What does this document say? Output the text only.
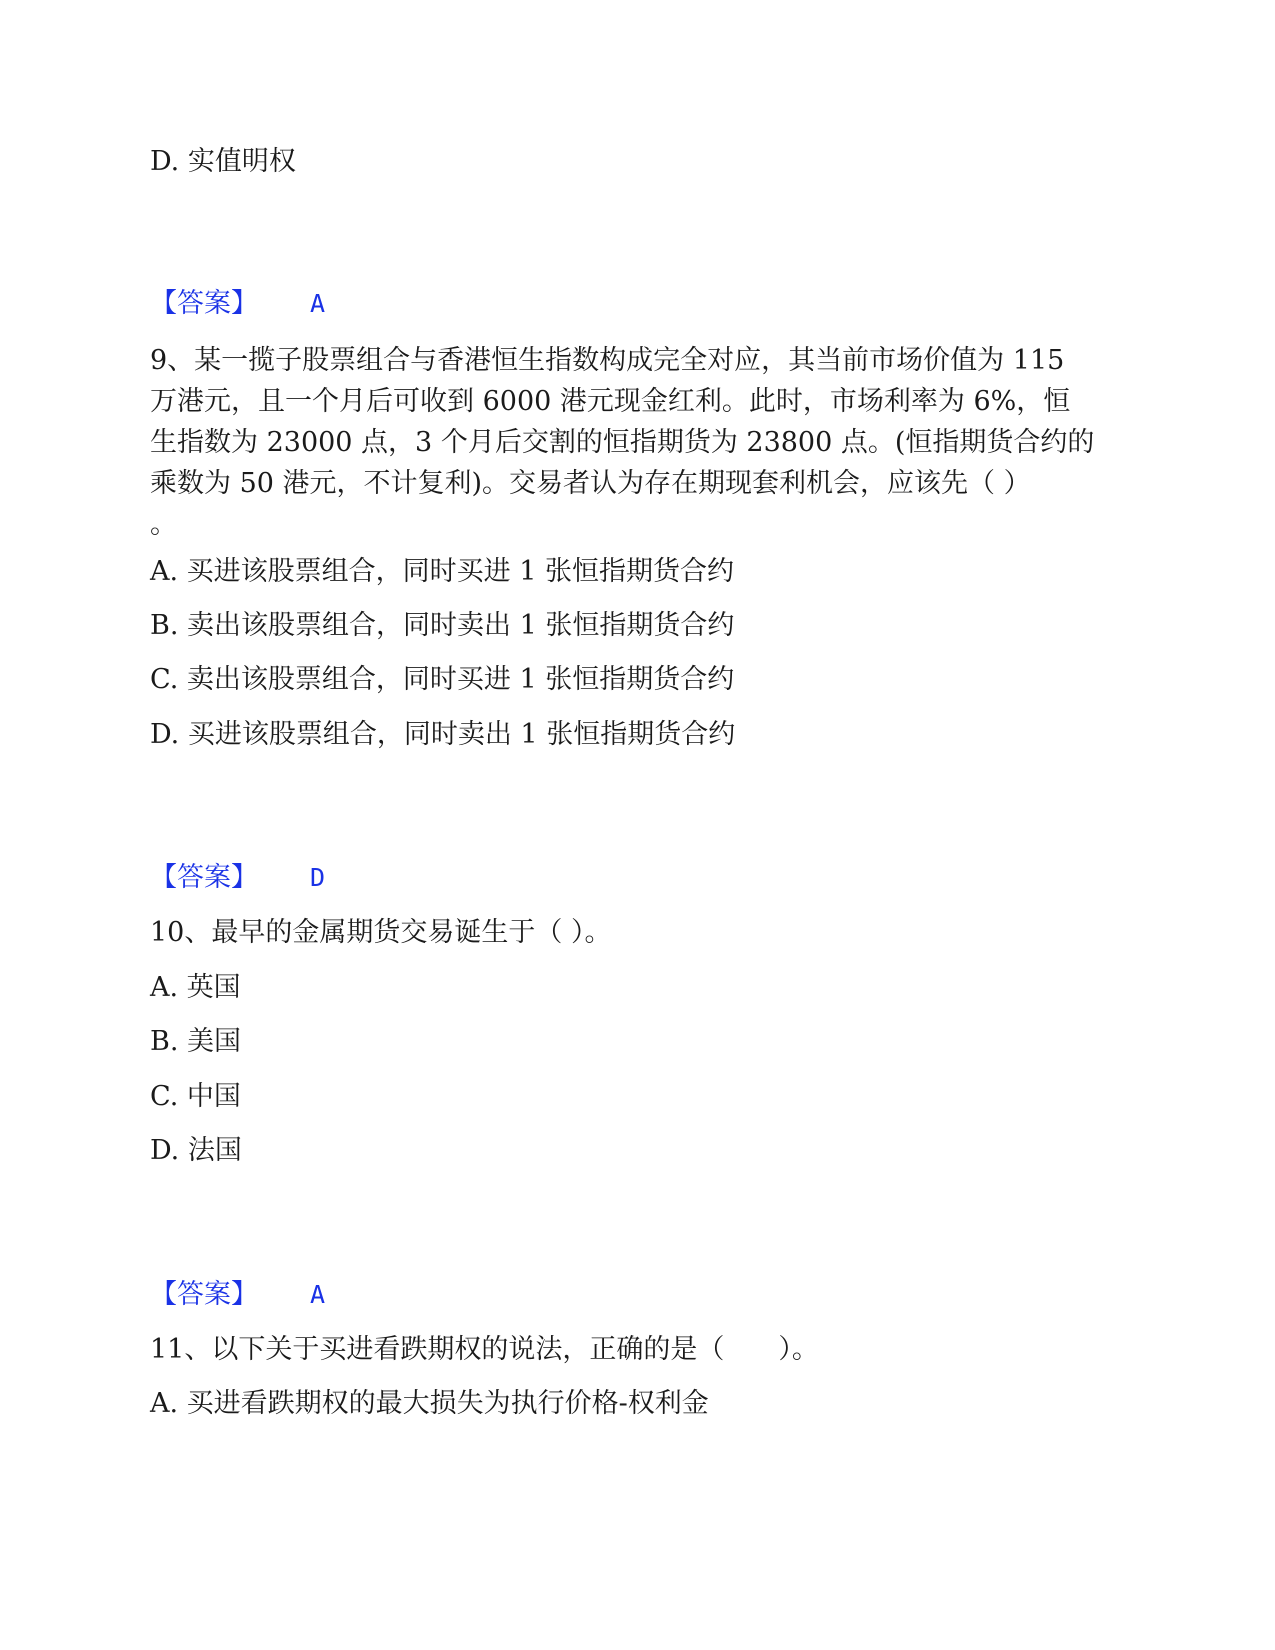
D. 实值明权
【答案】 A
9、某一揽子股票组合与香港恒生指数构成完全对应，其当前市场价值为 115
万港元，且一个月后可收到 6000 港元现金红利。此时，市场利率为 6%，恒
生指数为 23000 点，3 个月后交割的恒指期货为 23800 点。(恒指期货合约的
乘数为 50 港元，不计复利)。交易者认为存在期现套利机会，应该先（ ）
。
A. 买进该股票组合，同时买进 1 张恒指期货合约
B. 卖出该股票组合，同时卖出 1 张恒指期货合约
C. 卖出该股票组合，同时买进 1 张恒指期货合约
D. 买进该股票组合，同时卖出 1 张恒指期货合约
【答案】 D
10、最早的金属期货交易诞生于（ ）。
A. 英国
B. 美国
C. 中国
D. 法国
【答案】 A
11、以下关于买进看跌期权的说法，正确的是（　　）。
A. 买进看跌期权的最大损失为执行价格-权利金
